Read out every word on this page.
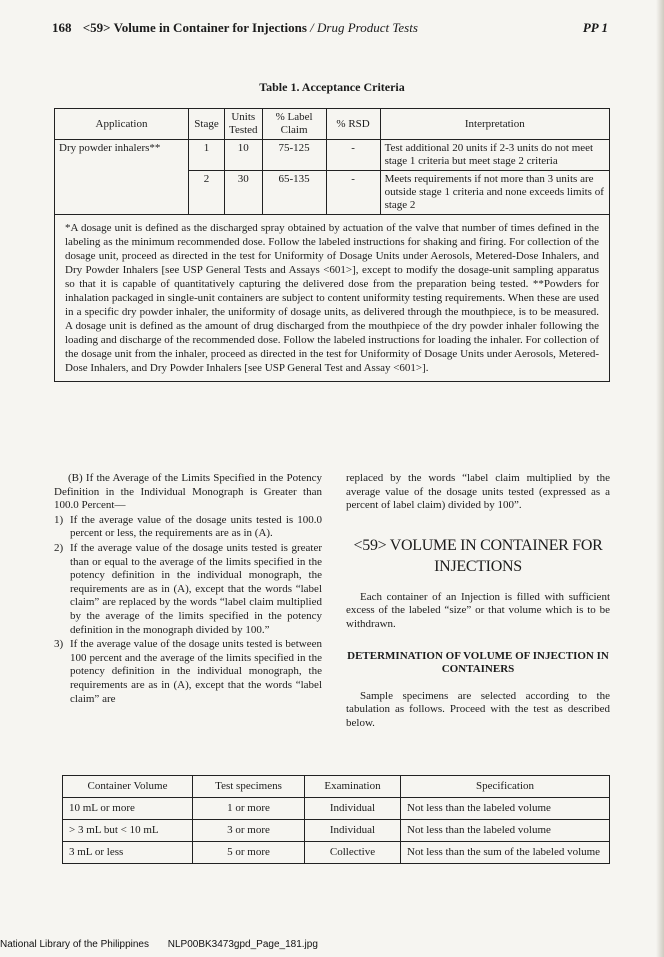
168 <59> Volume in Container for Injections / Drug Product Tests	PP 1
Table 1. Acceptance Criteria
Application	Stage	Units Tested	% Label Claim	% RSD	Interpretation
Dry powder inhalers**	1	10	75-125	-	Test additional 20 units if 2-3 units do not meet stage 1 criteria but meet stage 2 criteria
	2	30	65-135	-	Meets requirements if not more than 3 units are outside stage 1 criteria and none exceeds limits of stage 2
*A dosage unit is defined as the discharged spray obtained by actuation of the valve that number of times defined in the labeling as the minimum recommended dose. Follow the labeled instructions for shaking and firing. For collection of the dosage unit, proceed as directed in the test for Uniformity of Dosage Units under Aerosols, Metered-Dose Inhalers, and Dry Powder Inhalers [see USP General Tests and Assays <601>], except to modify the dosage-unit sampling apparatus so that it is capable of quantitatively capturing the delivered dose from the preparation being tested. **Powders for inhalation packaged in single-unit containers are subject to content uniformity testing requirements. When these are used in a specific dry powder inhaler, the uniformity of dosage units, as delivered through the mouthpiece, is to be measured. A dosage unit is defined as the amount of drug discharged from the mouthpiece of the dry powder inhaler following the loading and discharge of the recommended dose. Follow the labeled instructions for loading the inhaler. For collection of the dosage unit from the inhaler, proceed as directed in the test for Uniformity of Dosage Units under Aerosols, Metered-Dose Inhalers, and Dry Powder Inhalers [see USP General Test and Assay <601>].					
(B) If the Average of the Limits Specified in the Potency Definition in the Individual Monograph is Greater than 100.0 Percent—
1) If the average value of the dosage units tested is 100.0 percent or less, the requirements are as in (A).
2) If the average value of the dosage units tested is greater than or equal to the average of the limits specified in the potency definition in the individual monograph, the requirements are as in (A), except that the words “label claim” are replaced by the words “label claim multiplied by the average of the limits specified in the potency definition in the monograph divided by 100.”
3) If the average value of the dosage units tested is between 100 percent and the average of the limits specified in the potency definition in the individual monograph, the requirements are as in (A), except that the words “label claim” are
replaced by the words “label claim multiplied by the average value of the dosage units tested (expressed as a percent of label claim) divided by 100”.
<59> VOLUME IN CONTAINER FOR INJECTIONS
Each container of an Injection is filled with sufficient excess of the labeled “size” or that volume which is to be withdrawn.
DETERMINATION OF VOLUME OF INJECTION IN CONTAINERS
Sample specimens are selected according to the tabulation as follows. Proceed with the test as described below.
Container Volume	Test specimens	Examination	Specification
10 mL or more	1 or more	Individual	Not less than the labeled volume
> 3 mL but < 10 mL	3 or more	Individual	Not less than the labeled volume
3 mL or less	5 or more	Collective	Not less than the sum of the labeled volume
National Library of the Philippines NLP00BK3473gpd_Page_181.jpg
